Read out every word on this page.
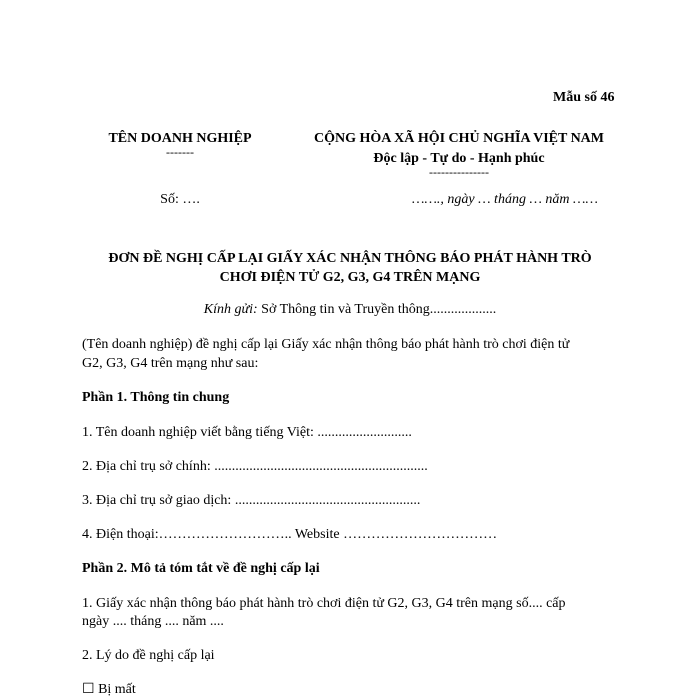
Mẫu số 46
TÊN DOANH NGHIỆP
-------
Số: ….
CỘNG HÒA XÃ HỘI CHỦ NGHĨA VIỆT NAM
Độc lập - Tự do - Hạnh phúc
---------------
……., ngày … tháng … năm ……
ĐƠN ĐỀ NGHỊ CẤP LẠI GIẤY XÁC NHẬN THÔNG BÁO PHÁT HÀNH TRÒ
CHƠI ĐIỆN TỬ G2, G3, G4 TRÊN MẠNG
Kính gửi: Sở Thông tin và Truyền thông...................
(Tên doanh nghiệp) đề nghị cấp lại Giấy xác nhận thông báo phát hành trò chơi điện tử
G2, G3, G4 trên mạng như sau:
Phần 1. Thông tin chung
1. Tên doanh nghiệp viết bằng tiếng Việt: ...........................
2. Địa chỉ trụ sở chính: .............................................................
3. Địa chỉ trụ sở giao dịch: .....................................................
4. Điện thoại:……………………….. Website ……………………………
Phần 2. Mô tả tóm tắt về đề nghị cấp lại
1. Giấy xác nhận thông báo phát hành trò chơi điện tử G2, G3, G4 trên mạng số.... cấp
ngày .... tháng .... năm ....
2. Lý do đề nghị cấp lại
☐ Bị mất
